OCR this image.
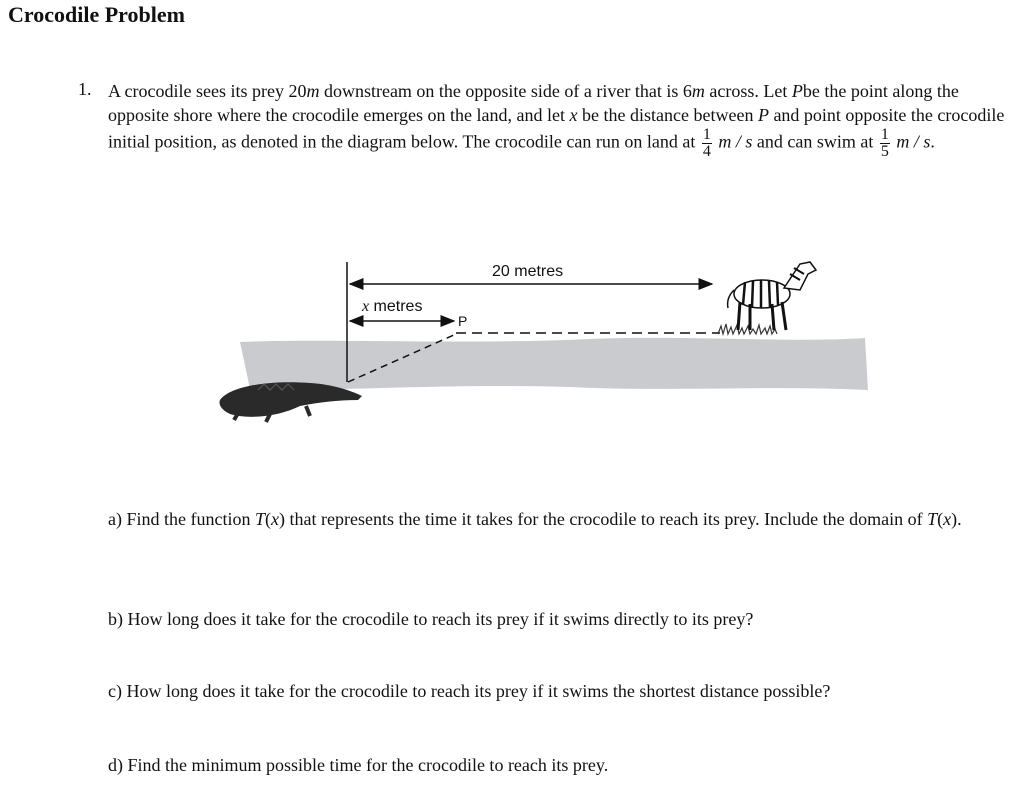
Crocodile Problem
1. A crocodile sees its prey 20m downstream on the opposite side of a river that is 6m across. Let Pbe the point along the opposite shore where the crocodile emerges on the land, and let x be the distance between P and point opposite the crocodile initial position, as denoted in the diagram below. The crocodile can run on land at $\frac{1}{4}$ m / s and can swim at $\frac{1}{5}$ m / s.
20 metres
x metres
P
a) Find the function T(x) that represents the time it takes for the crocodile to reach its prey. Include the domain of T(x).
b) How long does it take for the crocodile to reach its prey if it swims directly to its prey?
c) How long does it take for the crocodile to reach its prey if it swims the shortest distance possible?
d) Find the minimum possible time for the crocodile to reach its prey.
